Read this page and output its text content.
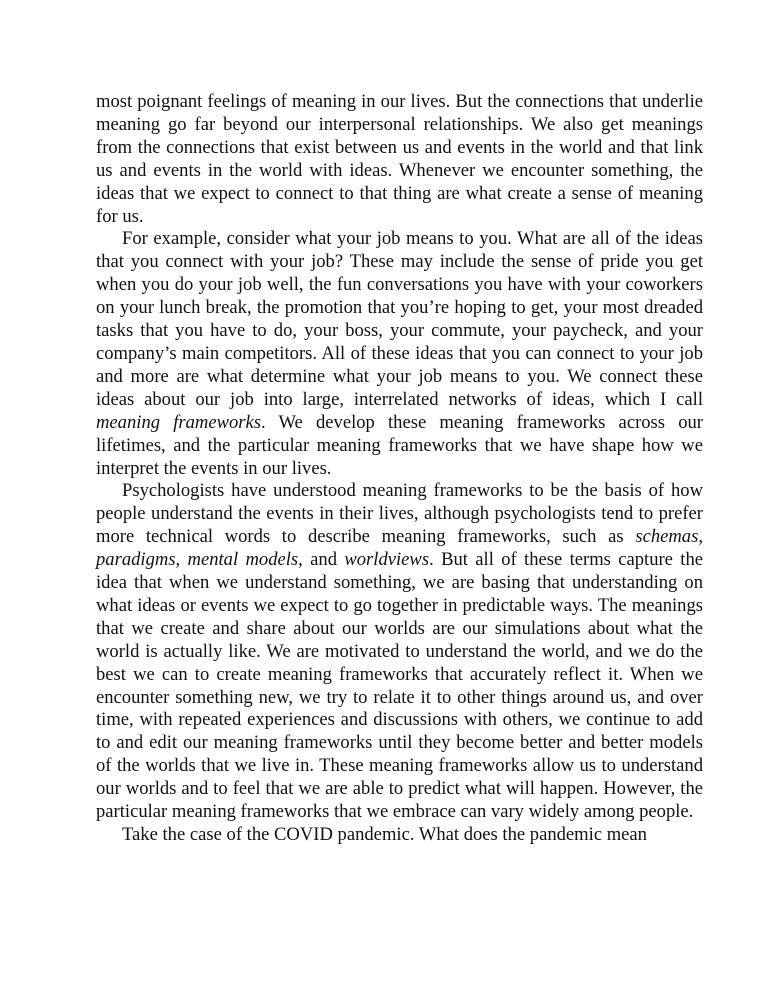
most poignant feelings of meaning in our lives. But the connections that underlie meaning go far beyond our interpersonal relationships. We also get meanings from the connections that exist between us and events in the world and that link us and events in the world with ideas. Whenever we encounter something, the ideas that we expect to connect to that thing are what create a sense of meaning for us.

For example, consider what your job means to you. What are all of the ideas that you connect with your job? These may include the sense of pride you get when you do your job well, the fun conversations you have with your coworkers on your lunch break, the promotion that you’re hoping to get, your most dreaded tasks that you have to do, your boss, your commute, your paycheck, and your company’s main competitors. All of these ideas that you can connect to your job and more are what determine what your job means to you. We connect these ideas about our job into large, interrelated networks of ideas, which I call meaning frameworks. We develop these meaning frameworks across our lifetimes, and the particular meaning frameworks that we have shape how we interpret the events in our lives.

Psychologists have understood meaning frameworks to be the basis of how people understand the events in their lives, although psychologists tend to prefer more technical words to describe meaning frameworks, such as schemas, paradigms, mental models, and worldviews. But all of these terms capture the idea that when we understand something, we are basing that understanding on what ideas or events we expect to go together in predictable ways. The meanings that we create and share about our worlds are our simulations about what the world is actually like. We are motivated to understand the world, and we do the best we can to create meaning frameworks that accurately reflect it. When we encounter something new, we try to relate it to other things around us, and over time, with repeated experiences and discussions with others, we continue to add to and edit our meaning frameworks until they become better and better models of the worlds that we live in. These meaning frameworks allow us to understand our worlds and to feel that we are able to predict what will happen. However, the particular meaning frameworks that we embrace can vary widely among people.

Take the case of the COVID pandemic. What does the pandemic mean
